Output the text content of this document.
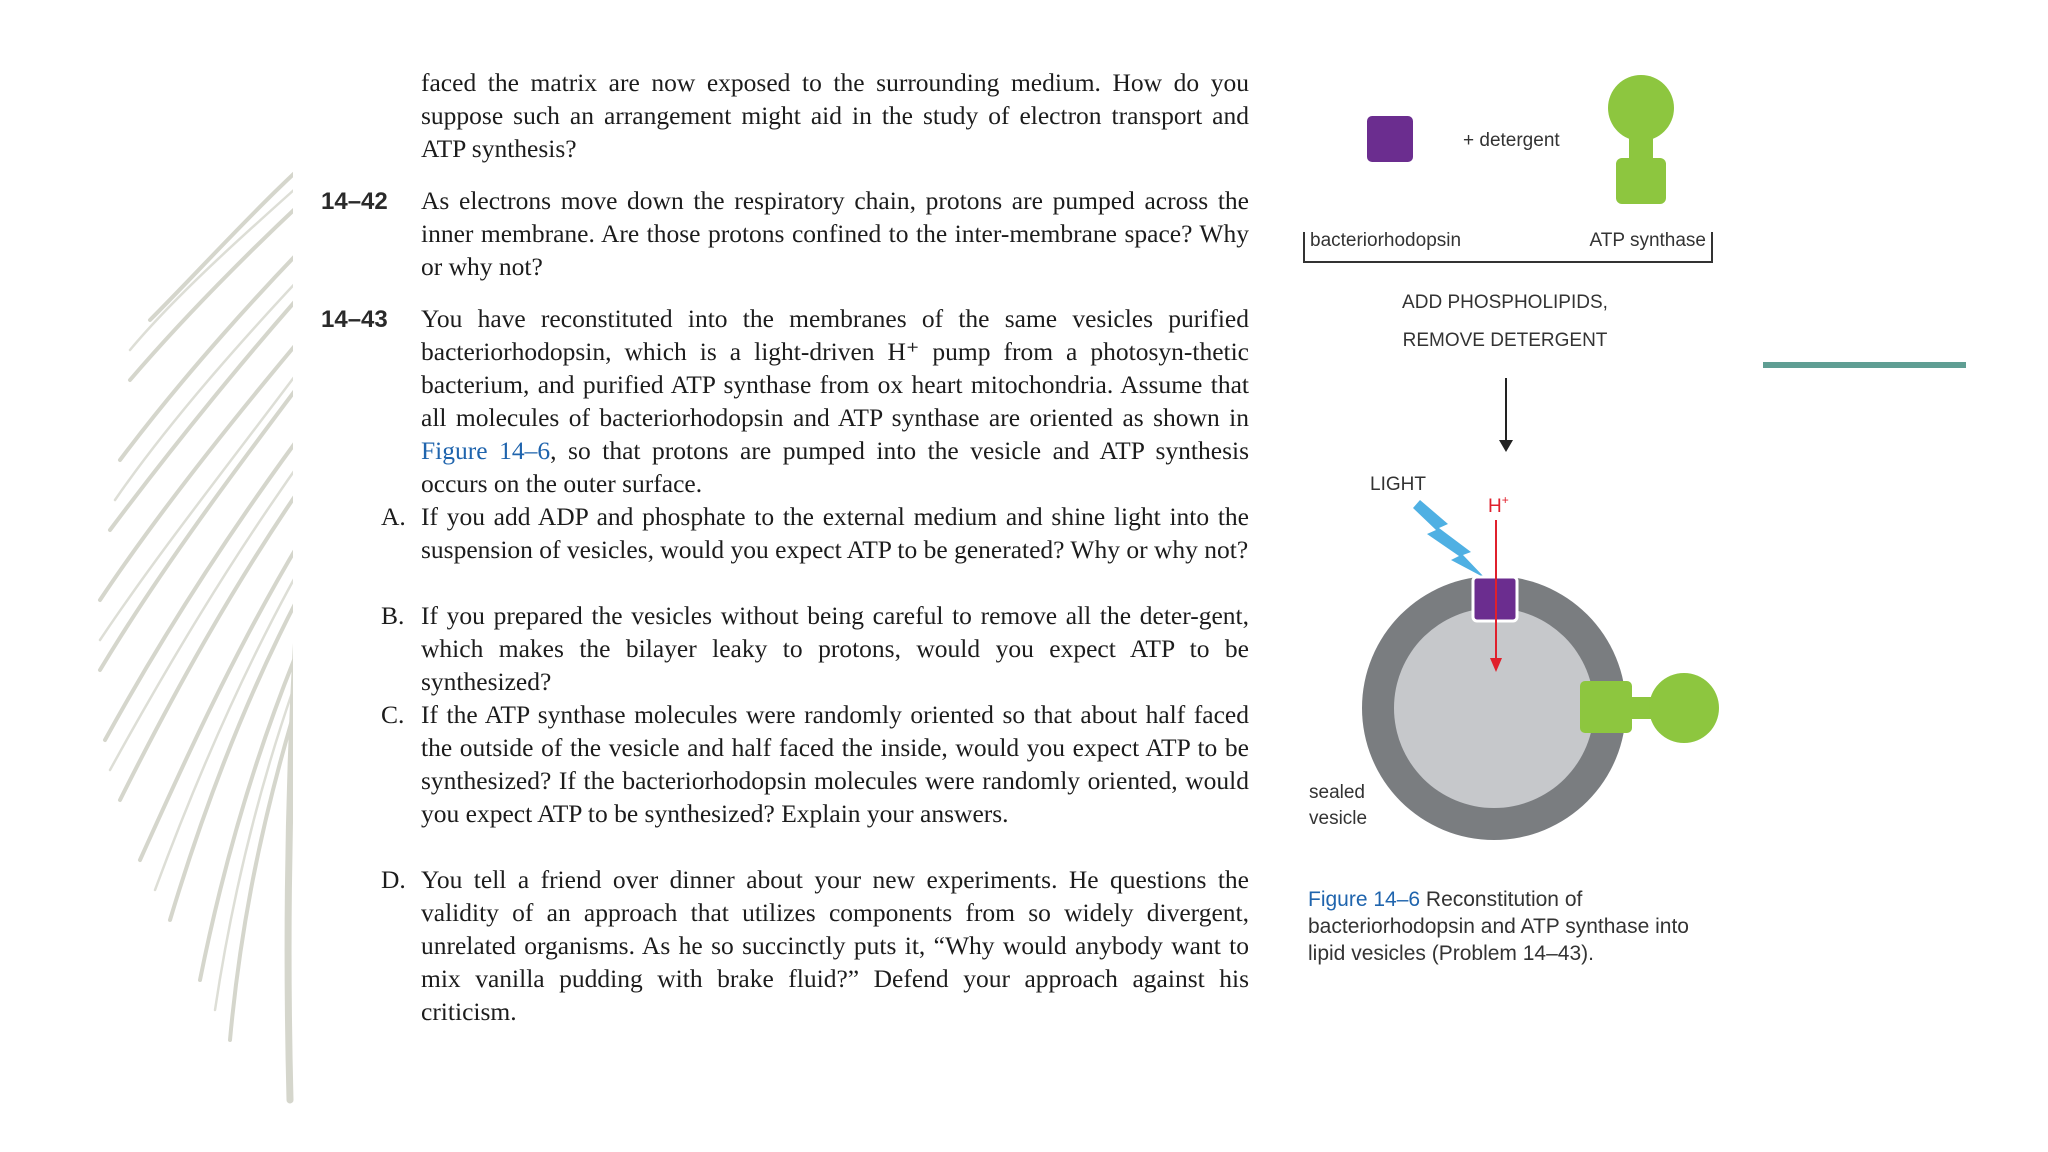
faced the matrix are now exposed to the surrounding medium. How do you suppose such an arrangement might aid in the study of electron transport and ATP synthesis?
14–42 As electrons move down the respiratory chain, protons are pumped across the inner membrane. Are those protons confined to the inter-membrane space? Why or why not?
14–43 You have reconstituted into the membranes of the same vesicles purified bacteriorhodopsin, which is a light-driven H⁺ pump from a photosyn-thetic bacterium, and purified ATP synthase from ox heart mitochondria. Assume that all molecules of bacteriorhodopsin and ATP synthase are oriented as shown in Figure 14–6, so that protons are pumped into the vesicle and ATP synthesis occurs on the outer surface.
A. If you add ADP and phosphate to the external medium and shine light into the suspension of vesicles, would you expect ATP to be generated? Why or why not?
B. If you prepared the vesicles without being careful to remove all the deter-gent, which makes the bilayer leaky to protons, would you expect ATP to be synthesized?
C. If the ATP synthase molecules were randomly oriented so that about half faced the outside of the vesicle and half faced the inside, would you expect ATP to be synthesized? If the bacteriorhodopsin molecules were randomly oriented, would you expect ATP to be synthesized? Explain your answers.
D. You tell a friend over dinner about your new experiments. He questions the validity of an approach that utilizes components from so widely divergent, unrelated organisms. As he so succinctly puts it, “Why would anybody want to mix vanilla pudding with brake fluid?” Defend your approach against his criticism.
+ detergent
bacteriorhodopsin	ATP synthase
ADD PHOSPHOLIPIDS,
REMOVE DETERGENT
LIGHT
H+
sealed
vesicle
Figure 14–6 Reconstitution of bacteriorhodopsin and ATP synthase into lipid vesicles (Problem 14–43).
